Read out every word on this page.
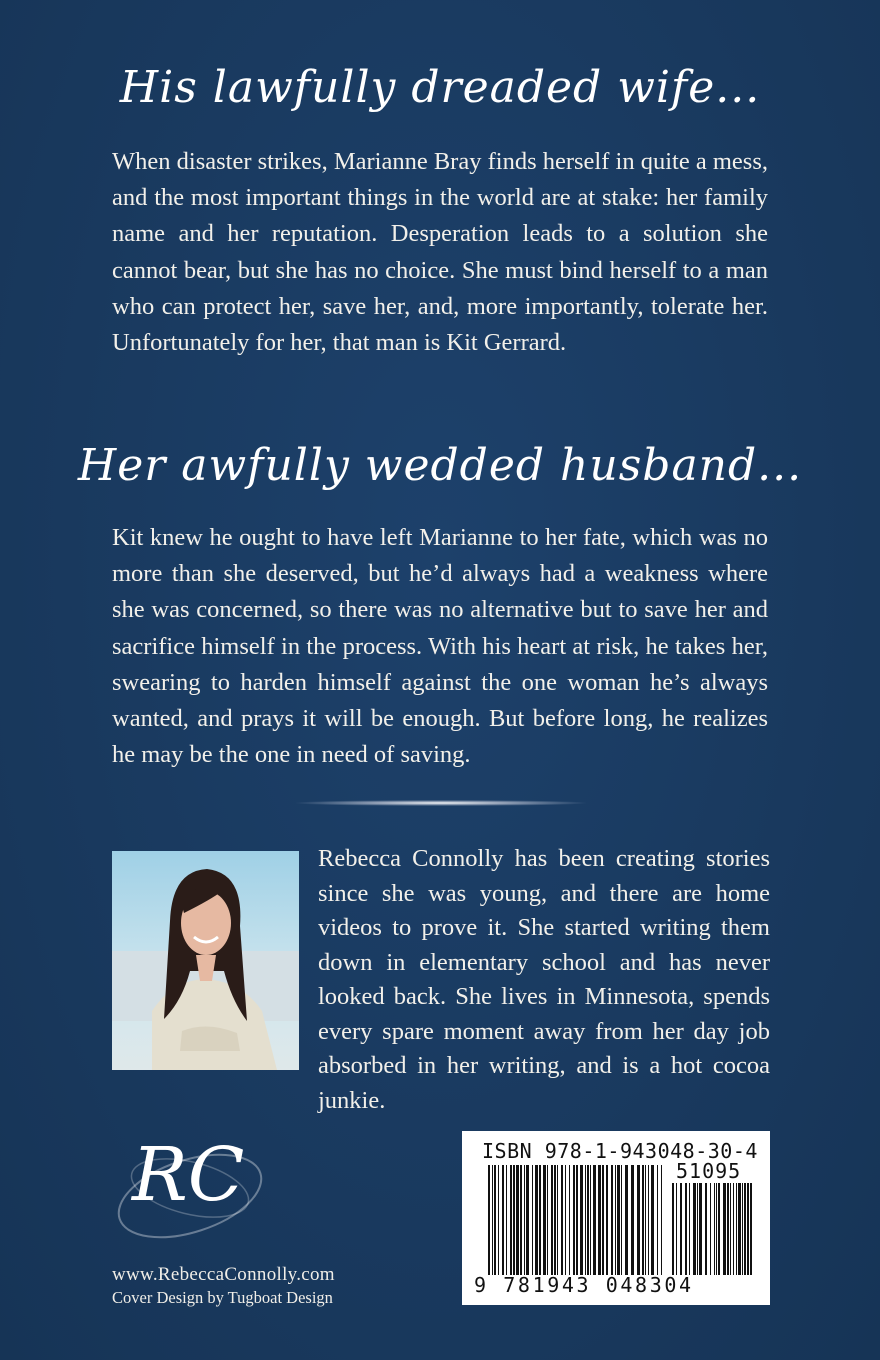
His lawfully dreaded wife...

When disaster strikes, Marianne Bray finds herself in quite a mess, and the most important things in the world are at stake: her family name and her reputation. Desperation leads to a solution she cannot bear, but she has no choice. She must bind herself to a man who can protect her, save her, and, more importantly, tolerate her. Unfortunately for her, that man is Kit Gerrard.

Her awfully wedded husband...

Kit knew he ought to have left Marianne to her fate, which was no more than she deserved, but he’d always had a weakness where she was concerned, so there was no alternative but to save her and sacrifice himself in the process. With his heart at risk, he takes her, swearing to harden himself against the one woman he’s always wanted, and prays it will be enough. But before long, he realizes he may be the one in need of saving.

Rebecca Connolly has been creating stories since she was young, and there are home videos to prove it. She started writing them down in elementary school and has never looked back. She lives in Minnesota, spends every spare moment away from her day job absorbed in her writing, and is a hot cocoa junkie.

RC
www.RebeccaConnolly.com
Cover Design by Tugboat Design
ISBN 978-1-943048-30-4
51095
9 781943 048304
